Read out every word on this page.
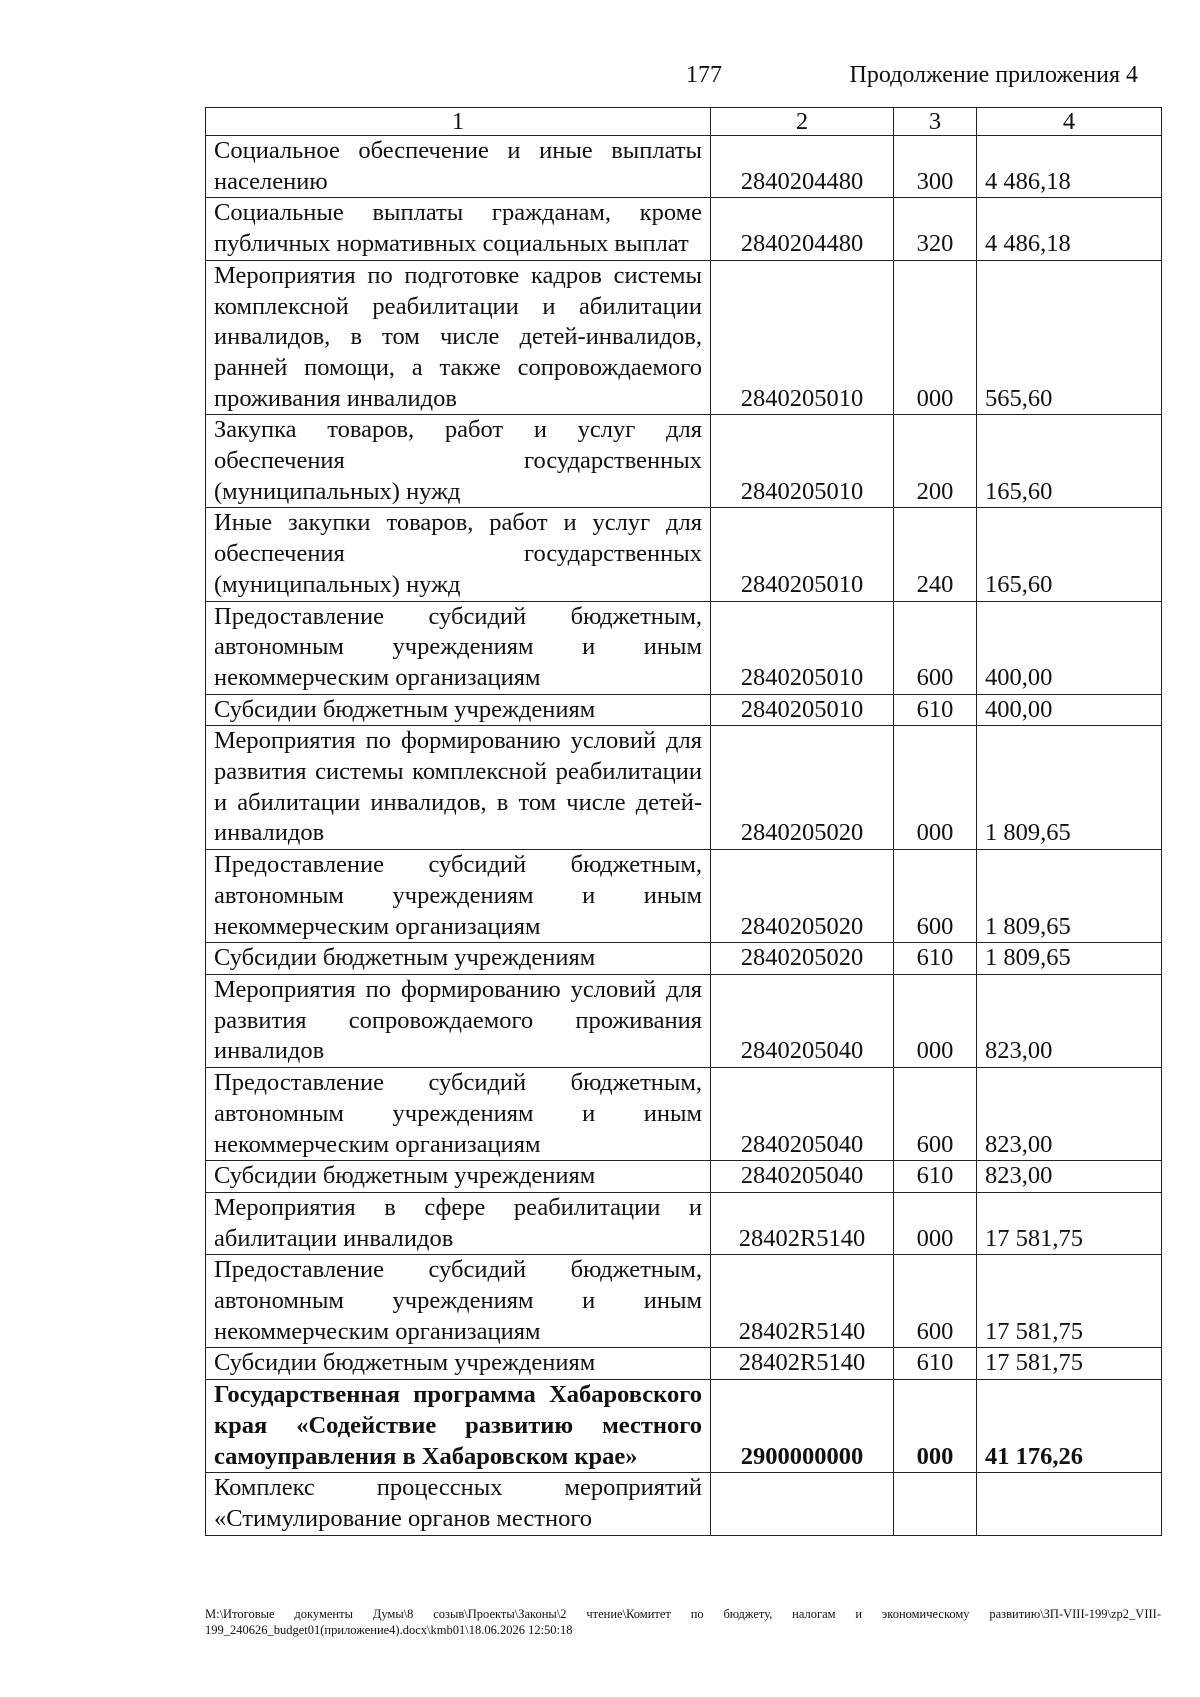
177	Продолжение приложения 4
1	2	3	4
Социальное обеспечение и иные выплаты населению	2840204480	300	4 486,18
Социальные выплаты гражданам, кроме публичных нормативных социальных выплат	2840204480	320	4 486,18
Мероприятия по подготовке кадров системы комплексной реабилитации и абилитации инвалидов, в том числе детей-инвалидов, ранней помощи, а также сопровождаемого проживания инвалидов	2840205010	000	565,60
Закупка товаров, работ и услуг для обеспечения государственных (муниципальных) нужд	2840205010	200	165,60
Иные закупки товаров, работ и услуг для обеспечения государственных (муниципальных) нужд	2840205010	240	165,60
Предоставление субсидий бюджетным, автономным учреждениям и иным некоммерческим организациям	2840205010	600	400,00
Субсидии бюджетным учреждениям	2840205010	610	400,00
Мероприятия по формированию условий для развития системы комплексной реабилитации и абилитации инвалидов, в том числе детей-инвалидов	2840205020	000	1 809,65
Предоставление субсидий бюджетным, автономным учреждениям и иным некоммерческим организациям	2840205020	600	1 809,65
Субсидии бюджетным учреждениям	2840205020	610	1 809,65
Мероприятия по формированию условий для развития сопровождаемого проживания инвалидов	2840205040	000	823,00
Предоставление субсидий бюджетным, автономным учреждениям и иным некоммерческим организациям	2840205040	600	823,00
Субсидии бюджетным учреждениям	2840205040	610	823,00
Мероприятия в сфере реабилитации и абилитации инвалидов	28402R5140	000	17 581,75
Предоставление субсидий бюджетным, автономным учреждениям и иным некоммерческим организациям	28402R5140	600	17 581,75
Субсидии бюджетным учреждениям	28402R5140	610	17 581,75
Государственная программа Хабаровского края «Содействие развитию местного самоуправления в Хабаровском крае»	2900000000	000	41 176,26
Комплекс процессных мероприятий «Стимулирование органов местного			
M:\Итоговые документы Думы\8 созыв\Проекты\Законы\2 чтение\Комитет по бюджету, налогам и экономическому развитию\ЗП-VIII-199\zp2_VIII-199_240626_budget01(приложение4).docx\kmb01\18.06.2026 12:50:18
